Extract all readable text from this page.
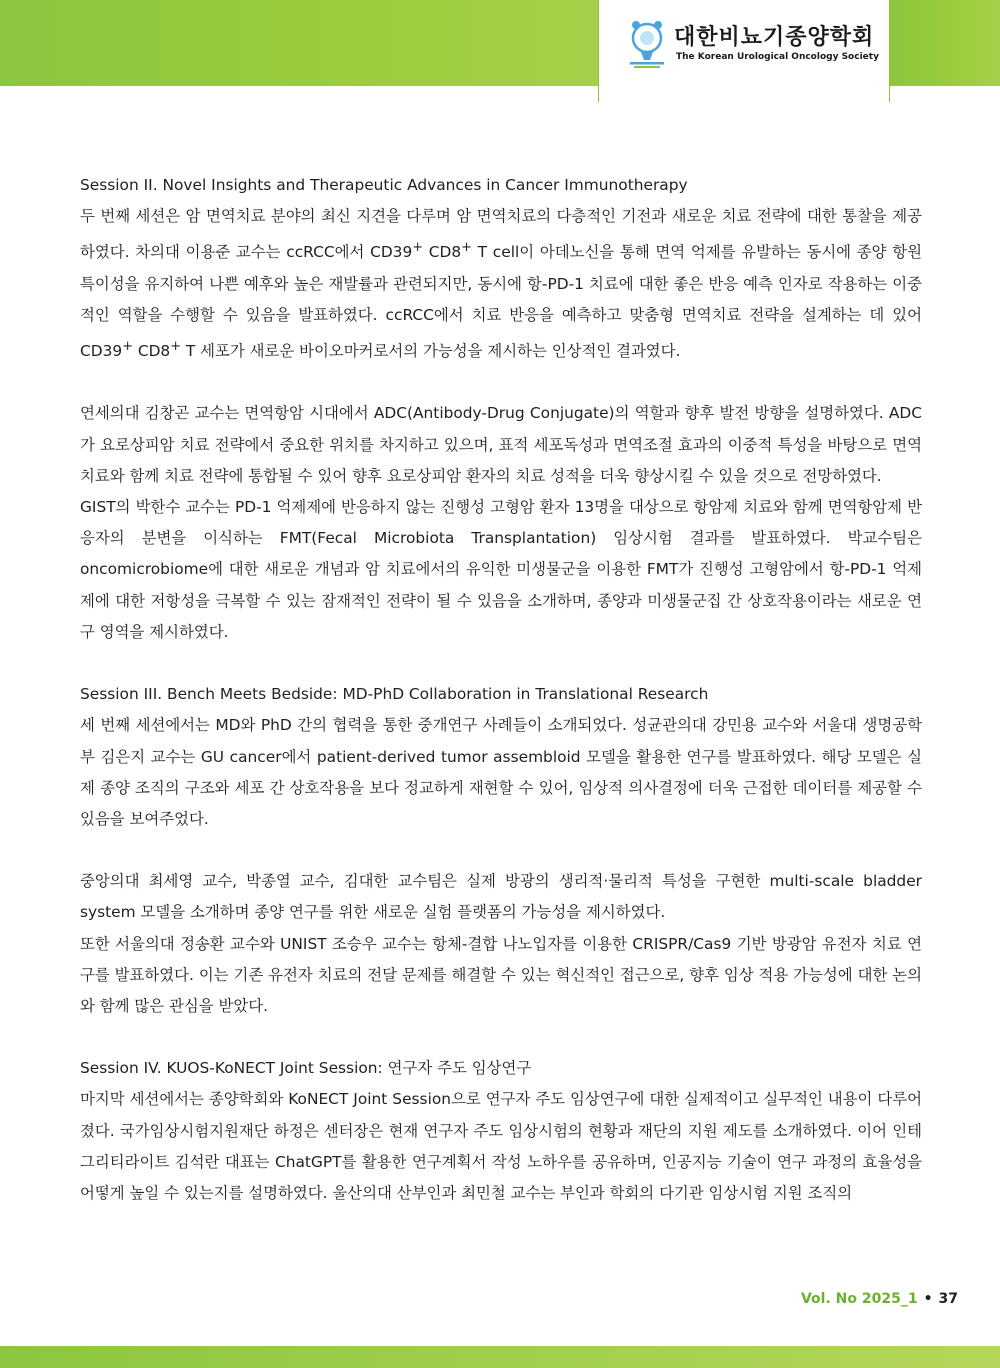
대한비뇨기종양학회
The Korean Urological Oncology Society

Session II. Novel Insights and Therapeutic Advances in Cancer Immunotherapy

두 번째 세션은 암 면역치료 분야의 최신 지견을 다루며 암 면역치료의 다층적인 기전과 새로운 치료 전략에 대한 통찰을 제공하였다. 차의대 이용준 교수는 ccRCC에서 CD39+ CD8+ T cell이 아데노신을 통해 면역 억제를 유발하는 동시에 종양 항원 특이성을 유지하여 나쁜 예후와 높은 재발률과 관련되지만, 동시에 항-PD-1 치료에 대한 좋은 반응 예측 인자로 작용하는 이중적인 역할을 수행할 수 있음을 발표하였다. ccRCC에서 치료 반응을 예측하고 맞춤형 면역치료 전략을 설계하는 데 있어 CD39+ CD8+ T 세포가 새로운 바이오마커로서의 가능성을 제시하는 인상적인 결과였다.

연세의대 김창곤 교수는 면역항암 시대에서 ADC(Antibody-Drug Conjugate)의 역할과 향후 발전 방향을 설명하였다. ADC가 요로상피암 치료 전략에서 중요한 위치를 차지하고 있으며, 표적 세포독성과 면역조절 효과의 이중적 특성을 바탕으로 면역치료와 함께 치료 전략에 통합될 수 있어 향후 요로상피암 환자의 치료 성적을 더욱 향상시킬 수 있을 것으로 전망하였다.

GIST의 박한수 교수는 PD-1 억제제에 반응하지 않는 진행성 고형암 환자 13명을 대상으로 항암제 치료와 함께 면역항암제 반응자의 분변을 이식하는 FMT(Fecal Microbiota Transplantation) 임상시험 결과를 발표하였다. 박교수팀은 oncomicrobiome에 대한 새로운 개념과 암 치료에서의 유익한 미생물군을 이용한 FMT가 진행성 고형암에서 항-PD-1 억제제에 대한 저항성을 극복할 수 있는 잠재적인 전략이 될 수 있음을 소개하며, 종양과 미생물군집 간 상호작용이라는 새로운 연구 영역을 제시하였다.

Session III. Bench Meets Bedside: MD-PhD Collaboration in Translational Research

세 번째 세션에서는 MD와 PhD 간의 협력을 통한 중개연구 사례들이 소개되었다. 성균관의대 강민용 교수와 서울대 생명공학부 김은지 교수는 GU cancer에서 patient-derived tumor assembloid 모델을 활용한 연구를 발표하였다. 해당 모델은 실제 종양 조직의 구조와 세포 간 상호작용을 보다 정교하게 재현할 수 있어, 임상적 의사결정에 더욱 근접한 데이터를 제공할 수 있음을 보여주었다.

중앙의대 최세영 교수, 박종열 교수, 김대한 교수팀은 실제 방광의 생리적·물리적 특성을 구현한 multi-scale bladder system 모델을 소개하며 종양 연구를 위한 새로운 실험 플랫폼의 가능성을 제시하였다.

또한 서울의대 정송환 교수와 UNIST 조승우 교수는 항체-결합 나노입자를 이용한 CRISPR/Cas9 기반 방광암 유전자 치료 연구를 발표하였다. 이는 기존 유전자 치료의 전달 문제를 해결할 수 있는 혁신적인 접근으로, 향후 임상 적용 가능성에 대한 논의와 함께 많은 관심을 받았다.

Session IV. KUOS-KoNECT Joint Session: 연구자 주도 임상연구

마지막 세션에서는 종양학회와 KoNECT Joint Session으로 연구자 주도 임상연구에 대한 실제적이고 실무적인 내용이 다루어졌다. 국가임상시험지원재단 하정은 센터장은 현재 연구자 주도 임상시험의 현황과 재단의 지원 제도를 소개하였다. 이어 인테그리티라이트 김석란 대표는 ChatGPT를 활용한 연구계획서 작성 노하우를 공유하며, 인공지능 기술이 연구 과정의 효율성을 어떻게 높일 수 있는지를 설명하였다. 울산의대 산부인과 최민철 교수는 부인과 학회의 다기관 임상시험 지원 조직의

Vol. No 2025_1 • 37
